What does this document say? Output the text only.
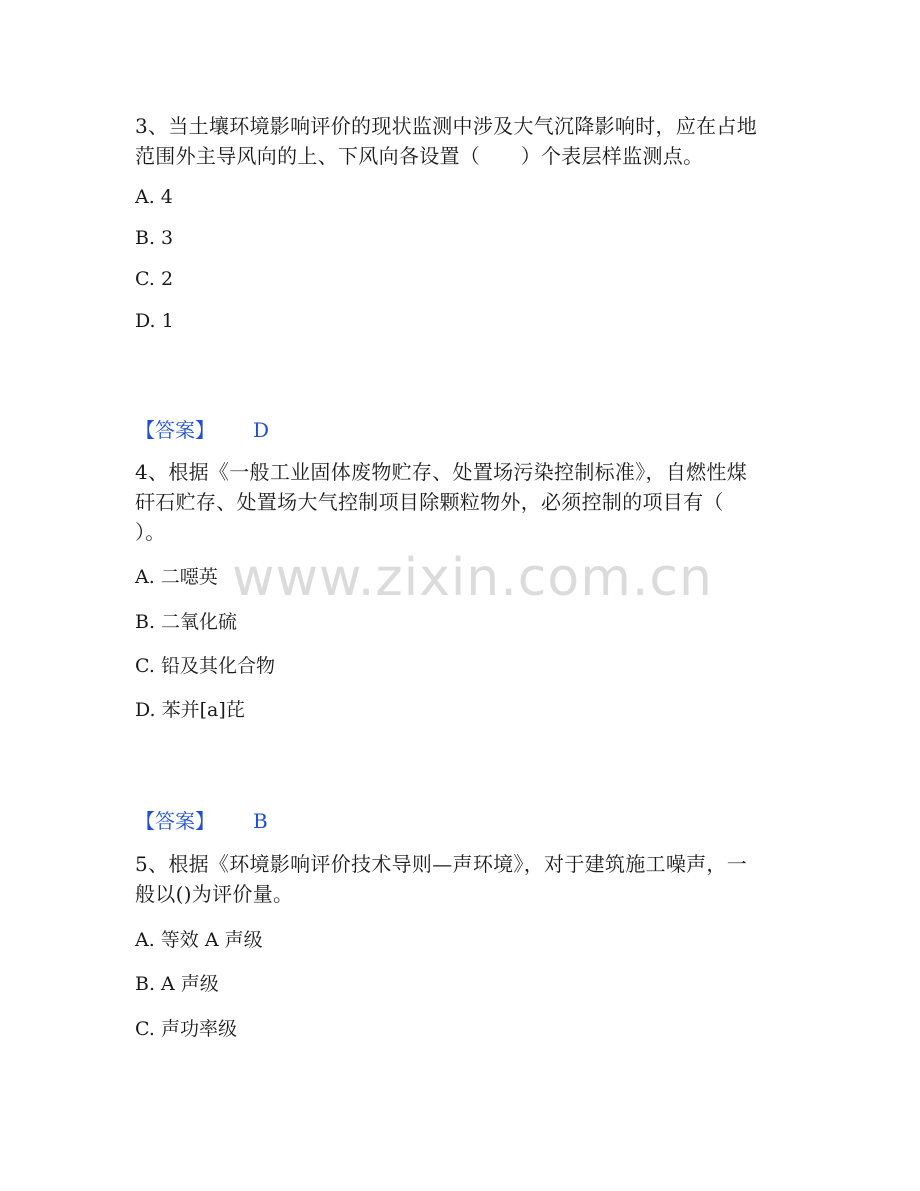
www.zixin.com.cn
3、当土壤环境影响评价的现状监测中涉及大气沉降影响时，应在占地
范围外主导风向的上、下风向各设置（　　）个表层样监测点。
A. 4
B. 3
C. 2
D. 1
【答案】 D
4、根据《一般工业固体废物贮存、处置场污染控制标准》，自燃性煤
矸石贮存、处置场大气控制项目除颗粒物外，必须控制的项目有（
）。
A. 二噁英
B. 二氧化硫
C. 铅及其化合物
D. 苯并[a]芘
【答案】 B
5、根据《环境影响评价技术导则—声环境》，对于建筑施工噪声，一
般以()为评价量。
A. 等效 A 声级
B. A 声级
C. 声功率级
